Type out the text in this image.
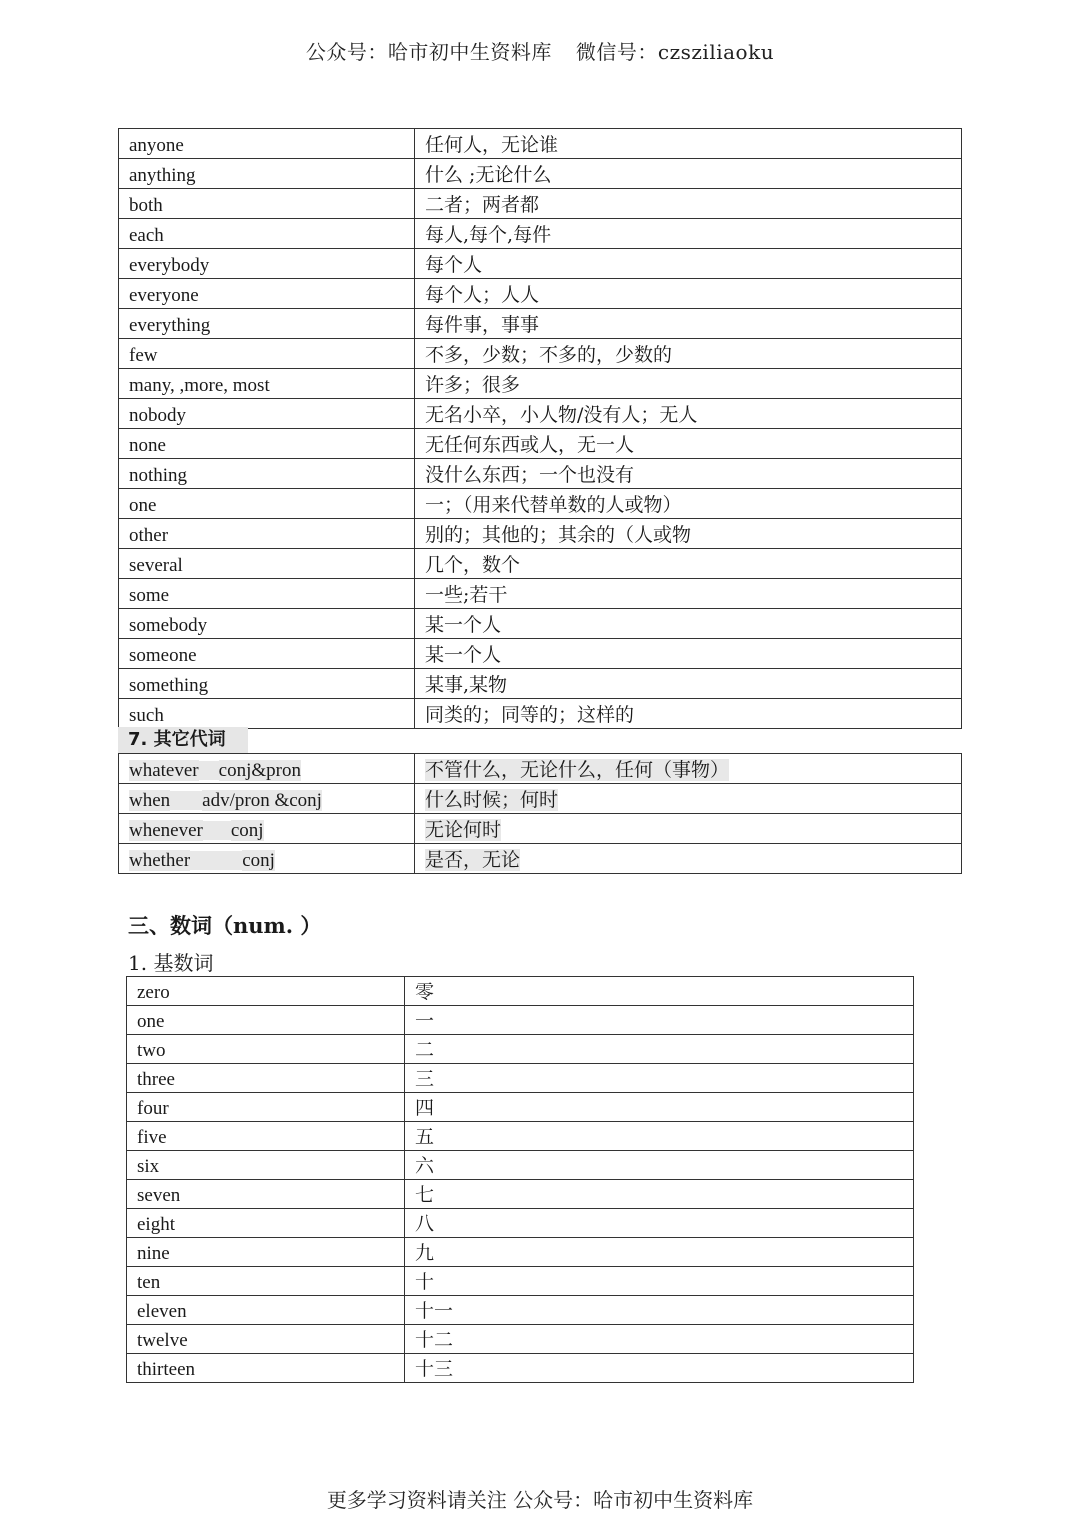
公众号：哈市初中生资料库 微信号：czsziliaoku
anyone	任何人，无论谁
anything	什么 ;无论什么
both	二者；两者都
each	每人,每个,每件
everybody	每个人
everyone	每个人；人人
everything	每件事，事事
few	不多，少数；不多的，少数的
many, ,more, most	许多；很多
nobody	无名小卒，小人物/没有人；无人
none	无任何东西或人，无一人
nothing	没什么东西；一个也没有
one	一；（用来代替单数的人或物）
other	别的；其他的；其余的（人或物
several	几个，数个
some	一些;若干
somebody	某一个人
someone	某一个人
something	某事,某物
such	同类的；同等的；这样的
7. 其它代词
whatever conj&pron	不管什么，无论什么，任何（事物）
when adv/pron &conj	什么时候；何时
whenever conj	无论何时
whether conj	是否，无论
三、数词（num. ）
1. 基数词
zero	零
one	一
two	二
three	三
four	四
five	五
six	六
seven	七
eight	八
nine	九
ten	十
eleven	十一
twelve	十二
thirteen	十三
更多学习资料请关注 公众号：哈市初中生资料库
